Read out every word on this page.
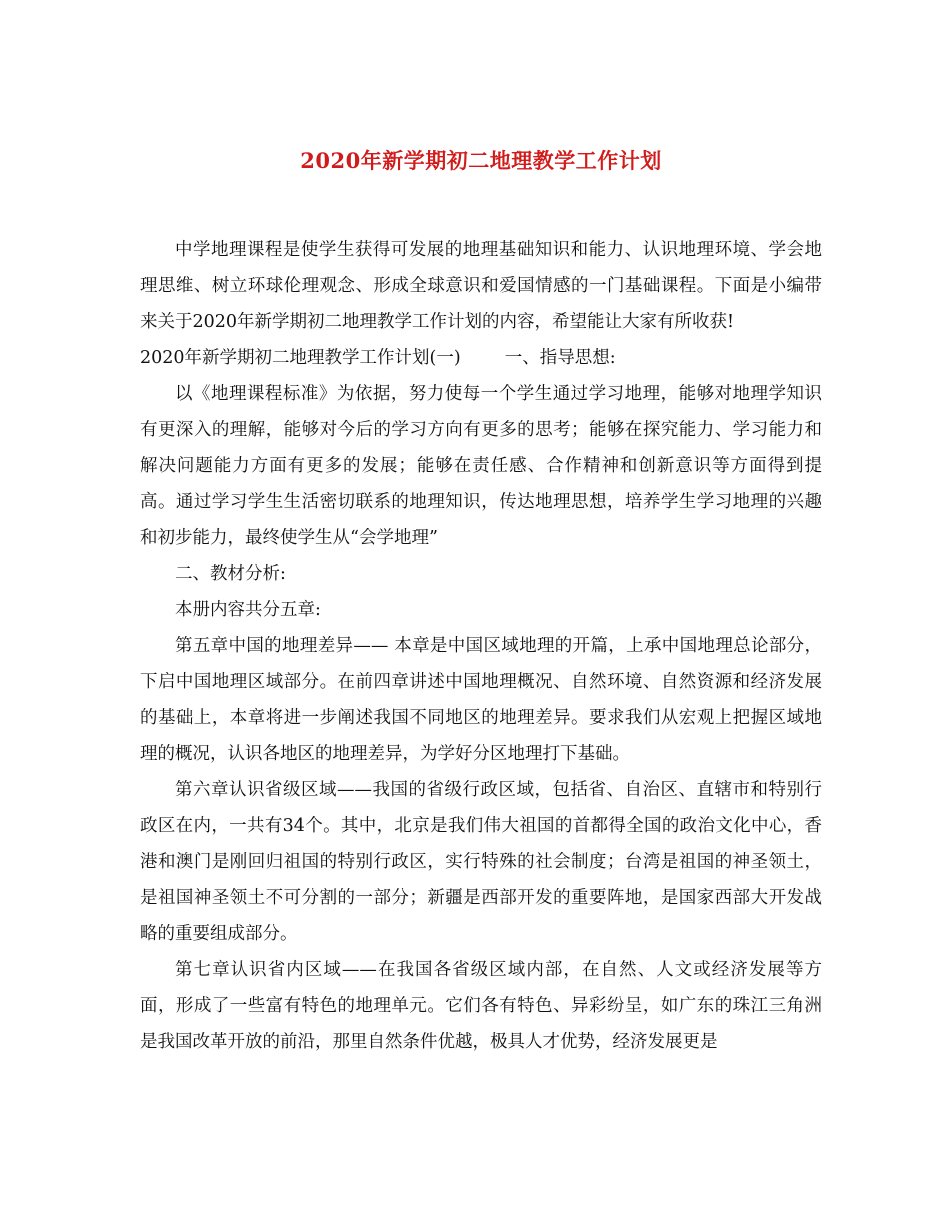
2020年新学期初二地理教学工作计划

中学地理课程是使学生获得可发展的地理基础知识和能力、认识地理环境、学会地理思维、树立环球伦理观念、形成全球意识和爱国情感的一门基础课程。下面是小编带来关于2020年新学期初二地理教学工作计划的内容，希望能让大家有所收获!

2020年新学期初二地理教学工作计划(一)	一、指导思想:

以《地理课程标准》为依据，努力使每一个学生通过学习地理，能够对地理学知识有更深入的理解，能够对今后的学习方向有更多的思考；能够在探究能力、学习能力和解决问题能力方面有更多的发展；能够在责任感、合作精神和创新意识等方面得到提高。通过学习学生生活密切联系的地理知识，传达地理思想，培养学生学习地理的兴趣和初步能力，最终使学生从“会学地理”

二、教材分析:

本册内容共分五章:

第五章中国的地理差异—— 本章是中国区域地理的开篇，上承中国地理总论部分，下启中国地理区域部分。在前四章讲述中国地理概况、自然环境、自然资源和经济发展的基础上，本章将进一步阐述我国不同地区的地理差异。要求我们从宏观上把握区域地理的概况，认识各地区的地理差异，为学好分区地理打下基础。

第六章认识省级区域——我国的省级行政区域，包括省、自治区、直辖市和特别行政区在内，一共有34个。其中，北京是我们伟大祖国的首都得全国的政治文化中心，香港和澳门是刚回归祖国的特别行政区，实行特殊的社会制度；台湾是祖国的神圣领土，是祖国神圣领土不可分割的一部分；新疆是西部开发的重要阵地，是国家西部大开发战略的重要组成部分。

第七章认识省内区域——在我国各省级区域内部，在自然、人文或经济发展等方面，形成了一些富有特色的地理单元。它们各有特色、异彩纷呈，如广东的珠江三角洲是我国改革开放的前沿，那里自然条件优越，极具人才优势，经济发展更是
